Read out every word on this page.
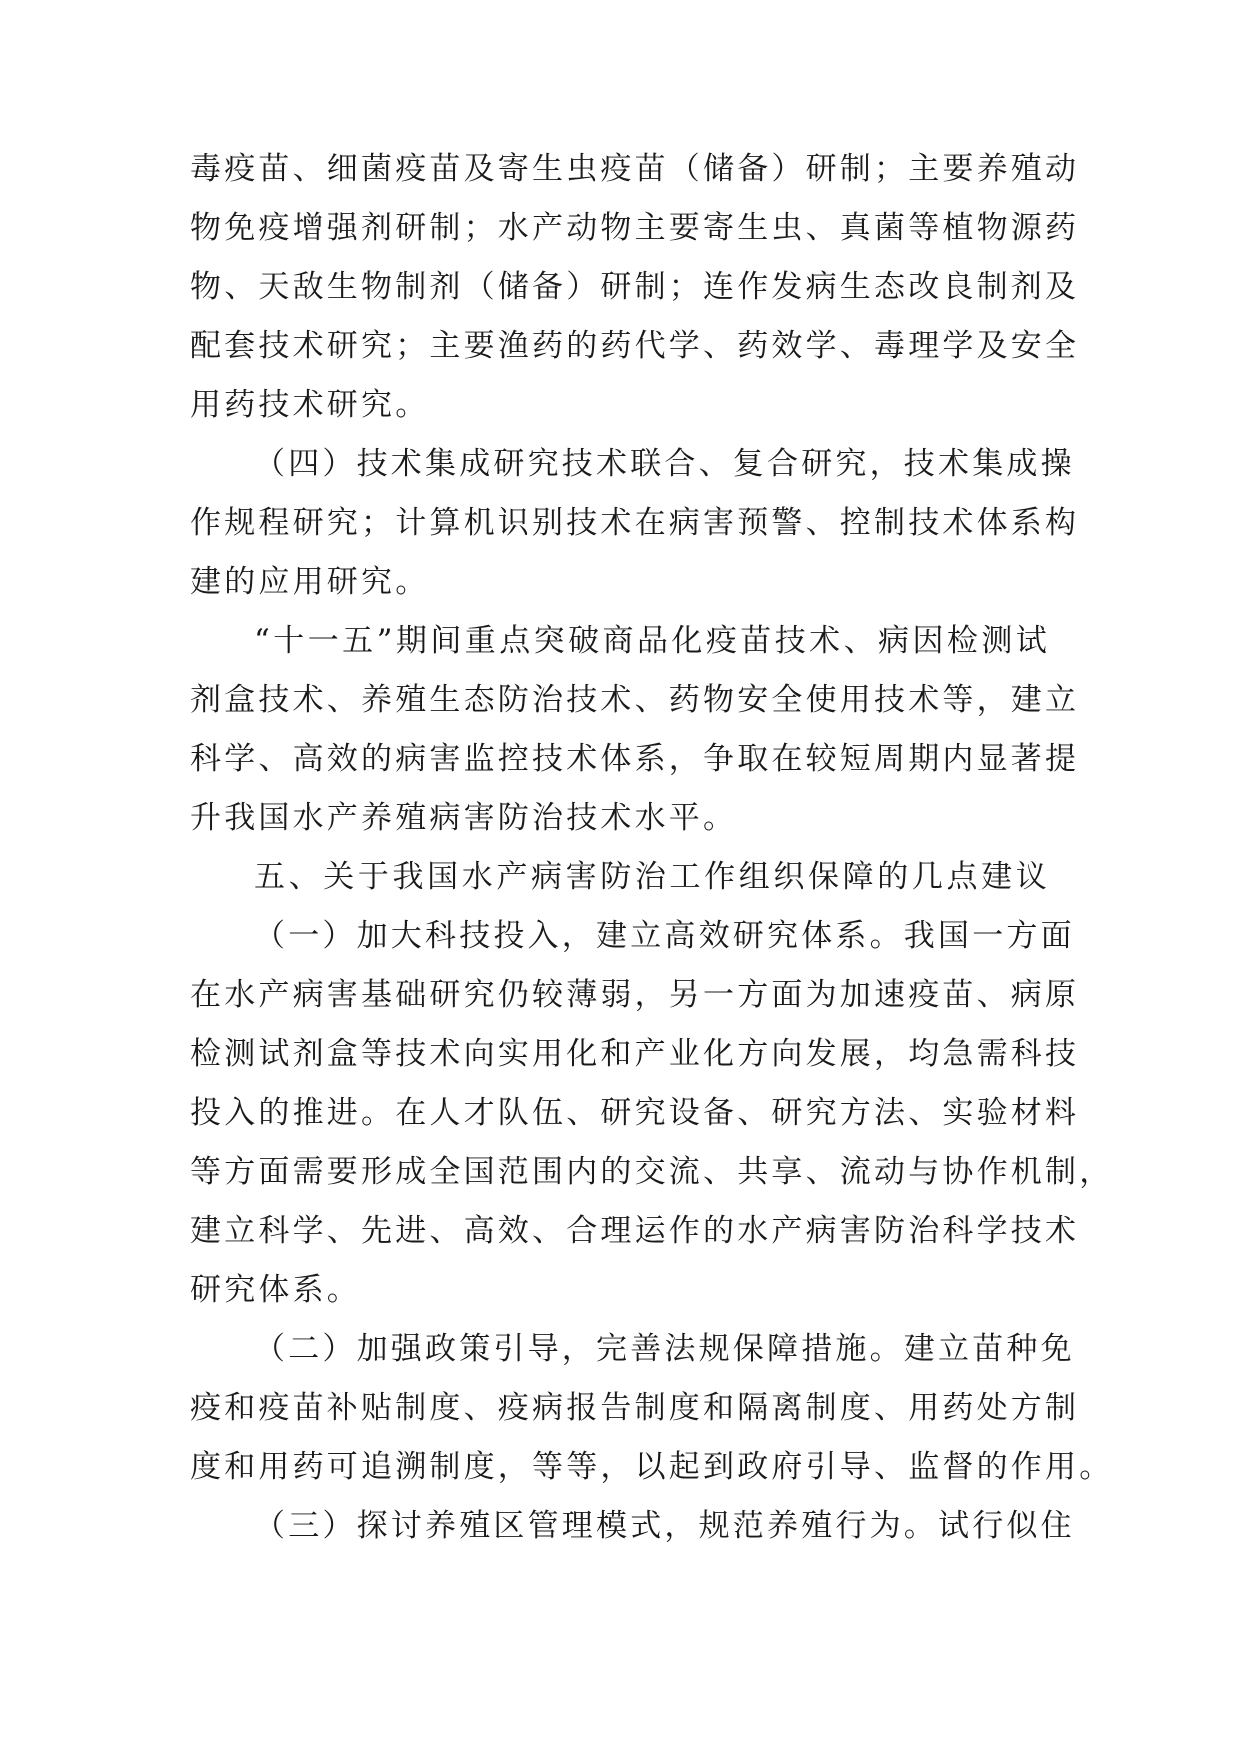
毒疫苗、细菌疫苗及寄生虫疫苗（储备）研制；主要养殖动
物免疫增强剂研制；水产动物主要寄生虫、真菌等植物源药
物、天敌生物制剂（储备）研制；连作发病生态改良制剂及
配套技术研究；主要渔药的药代学、药效学、毒理学及安全
用药技术研究。
（四）技术集成研究技术联合、复合研究，技术集成操
作规程研究；计算机识别技术在病害预警、控制技术体系构
建的应用研究。
“十一五”期间重点突破商品化疫苗技术、病因检测试
剂盒技术、养殖生态防治技术、药物安全使用技术等，建立
科学、高效的病害监控技术体系，争取在较短周期内显著提
升我国水产养殖病害防治技术水平。
五、关于我国水产病害防治工作组织保障的几点建议
（一）加大科技投入，建立高效研究体系。我国一方面
在水产病害基础研究仍较薄弱，另一方面为加速疫苗、病原
检测试剂盒等技术向实用化和产业化方向发展，均急需科技
投入的推进。在人才队伍、研究设备、研究方法、实验材料
等方面需要形成全国范围内的交流、共享、流动与协作机制，
建立科学、先进、高效、合理运作的水产病害防治科学技术
研究体系。
（二）加强政策引导，完善法规保障措施。建立苗种免
疫和疫苗补贴制度、疫病报告制度和隔离制度、用药处方制
度和用药可追溯制度，等等，以起到政府引导、监督的作用。
（三）探讨养殖区管理模式，规范养殖行为。试行似住
